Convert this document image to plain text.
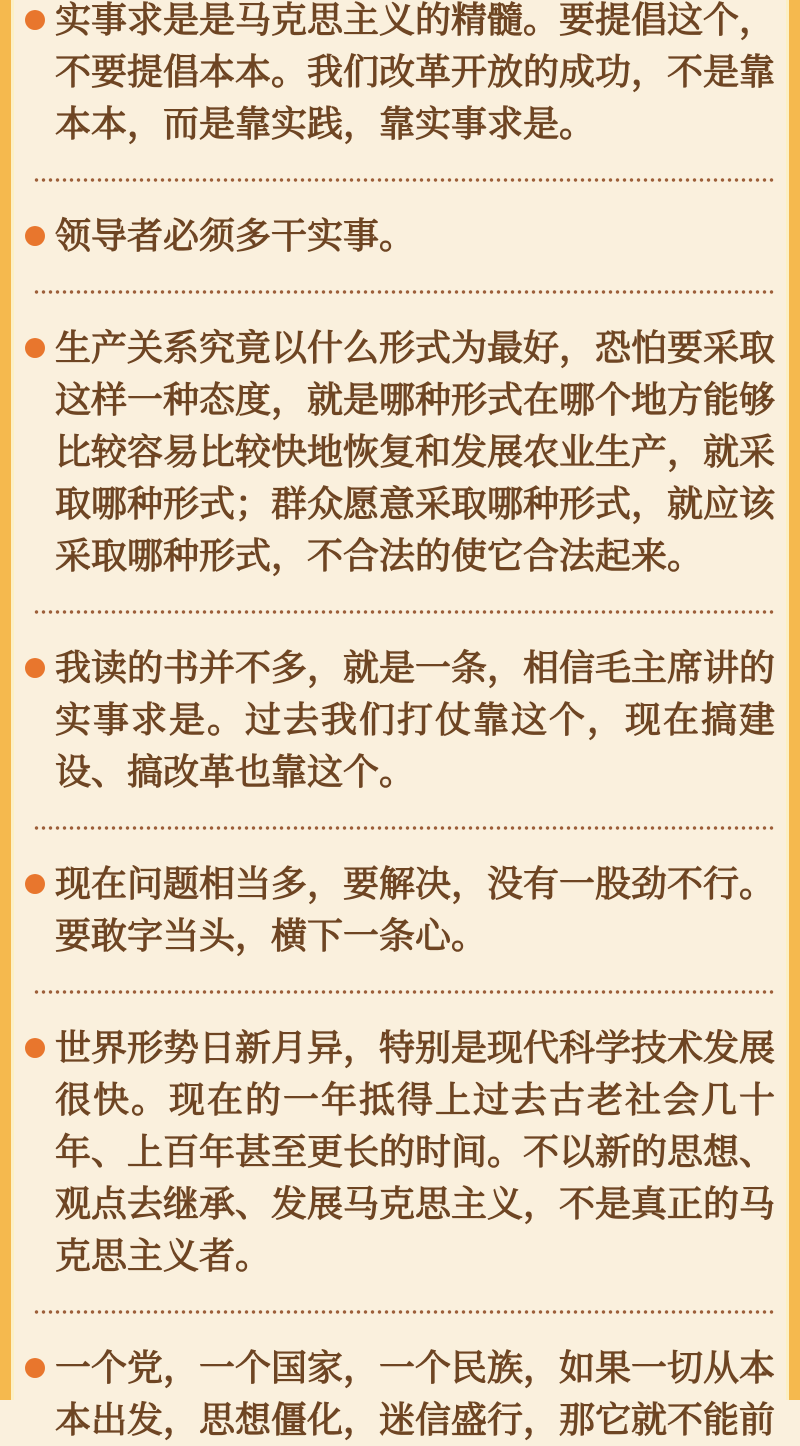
实事求是是马克思主义的精髓。要提倡这个，不要提倡本本。我们改革开放的成功，不是靠本本，而是靠实践，靠实事求是。

领导者必须多干实事。

生产关系究竟以什么形式为最好，恐怕要采取这样一种态度，就是哪种形式在哪个地方能够比较容易比较快地恢复和发展农业生产，就采取哪种形式；群众愿意采取哪种形式，就应该采取哪种形式，不合法的使它合法起来。

我读的书并不多，就是一条，相信毛主席讲的实事求是。过去我们打仗靠这个，现在搞建设、搞改革也靠这个。

现在问题相当多，要解决，没有一股劲不行。要敢字当头，横下一条心。

世界形势日新月异，特别是现代科学技术发展很快。现在的一年抵得上过去古老社会几十年、上百年甚至更长的时间。不以新的思想、观点去继承、发展马克思主义，不是真正的马克思主义者。

一个党，一个国家，一个民族，如果一切从本本出发，思想僵化，迷信盛行，那它就不能前
